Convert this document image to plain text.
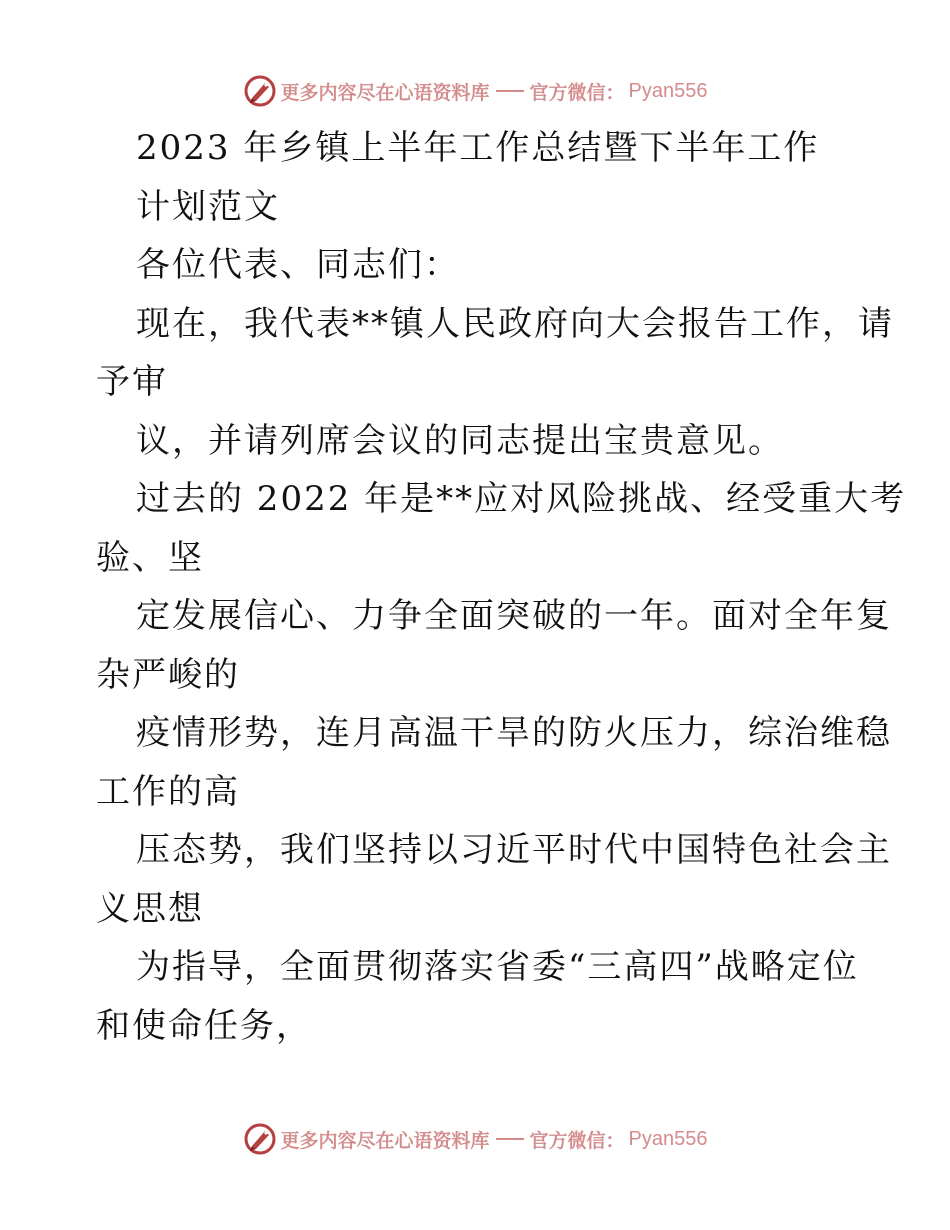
更多内容尽在心语资料库 官方微信： Pyan556
2023 年乡镇上半年工作总结暨下半年工作
计划范文
各位代表、同志们：
现在，我代表**镇人民政府向大会报告工作，请
予审
议，并请列席会议的同志提出宝贵意见。
过去的 2022 年是**应对风险挑战、经受重大考
验、坚
定发展信心、力争全面突破的一年。面对全年复
杂严峻的
疫情形势，连月高温干旱的防火压力，综治维稳
工作的高
压态势，我们坚持以习近平时代中国特色社会主
义思想
为指导，全面贯彻落实省委“三高四”战略定位
和使命任务，
更多内容尽在心语资料库 官方微信： Pyan556
